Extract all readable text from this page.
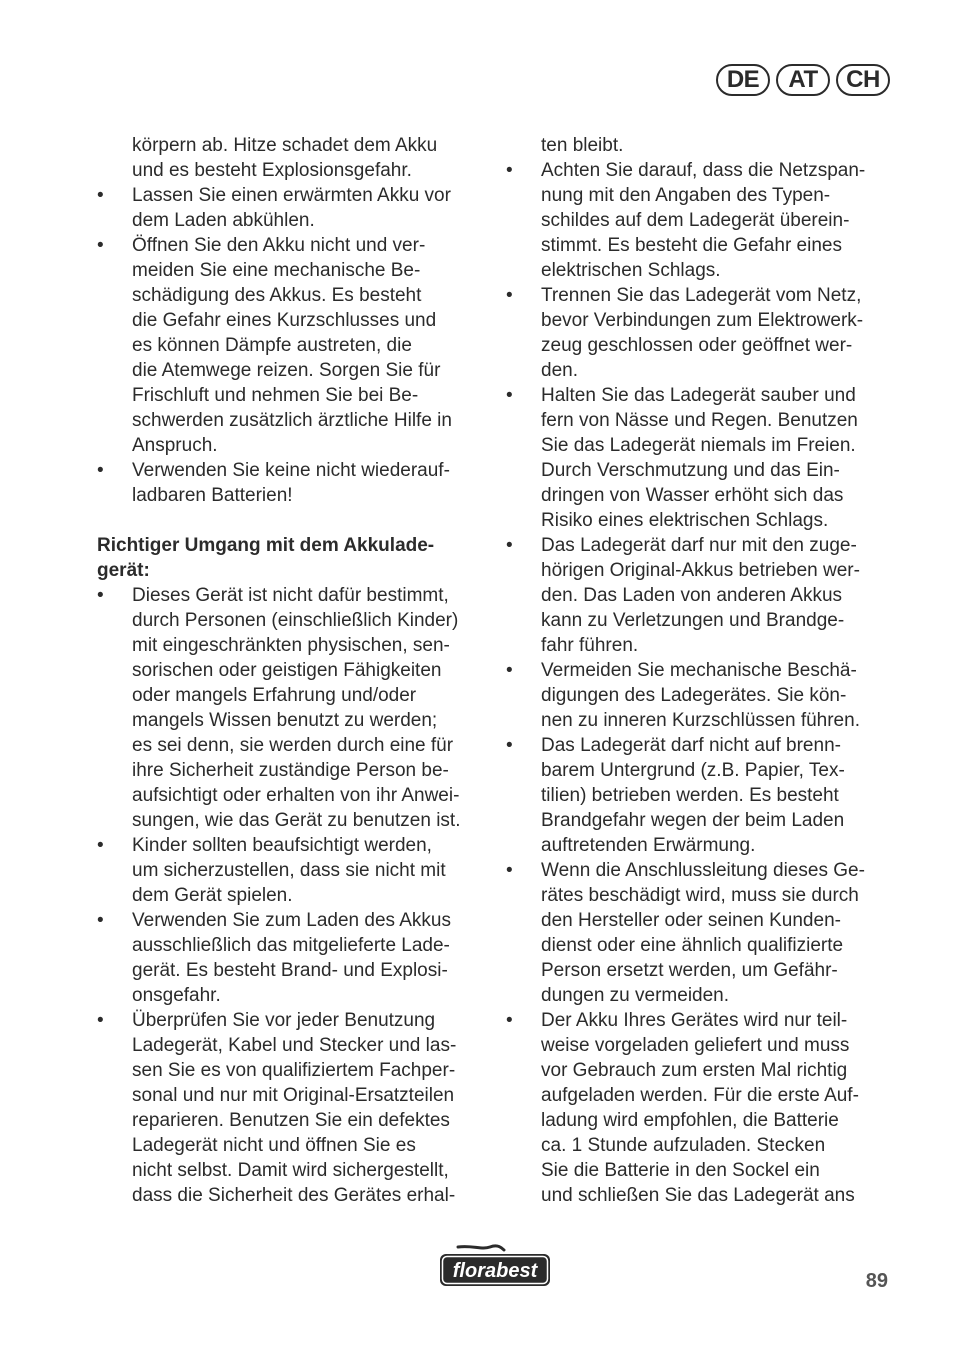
DE	AT	CH
körpern ab. Hitze schadet dem Akku
und es besteht Explosionsgefahr.
•	Lassen Sie einen erwärmten Akku vor
dem Laden abkühlen.
•	Öffnen Sie den Akku nicht und ver-
meiden Sie eine mechanische Be-
schädigung des Akkus. Es besteht
die Gefahr eines Kurzschlusses und
es können Dämpfe austreten, die
die Atemwege reizen. Sorgen Sie für
Frischluft und nehmen Sie bei Be-
schwerden zusätzlich ärztliche Hilfe in
Anspruch.
•	Verwenden Sie keine nicht wiederauf-
ladbaren Batterien!
Richtiger Umgang mit dem Akkulade-
gerät:
•	Dieses Gerät ist nicht dafür bestimmt,
durch Personen (einschließlich Kinder)
mit eingeschränkten physischen, sen-
sorischen oder geistigen Fähigkeiten
oder mangels Erfahrung und/oder
mangels Wissen benutzt zu werden;
es sei denn, sie werden durch eine für
ihre Sicherheit zuständige Person be-
aufsichtigt oder erhalten von ihr Anwei-
sungen, wie das Gerät zu benutzen ist.
•	Kinder sollten beaufsichtigt werden,
um sicherzustellen, dass sie nicht mit
dem Gerät spielen.
•	Verwenden Sie zum Laden des Akkus
ausschließlich das mitgelieferte Lade-
gerät. Es besteht Brand- und Explosi-
onsgefahr.
•	Überprüfen Sie vor jeder Benutzung
Ladegerät, Kabel und Stecker und las-
sen Sie es von qualifiziertem Fachper-
sonal und nur mit Original-Ersatzteilen
reparieren. Benutzen Sie ein defektes
Ladegerät nicht und öffnen Sie es
nicht selbst. Damit wird sichergestellt,
dass die Sicherheit des Gerätes erhal-
ten bleibt.
•	Achten Sie darauf, dass die Netzspan-
nung mit den Angaben des Typen-
schildes auf dem Ladegerät überein-
stimmt. Es besteht die Gefahr eines
elektrischen Schlags.
•	Trennen Sie das Ladegerät vom Netz,
bevor Verbindungen zum Elektrowerk-
zeug geschlossen oder geöffnet wer-
den.
•	Halten Sie das Ladegerät sauber und
fern von Nässe und Regen. Benutzen
Sie das Ladegerät niemals im Freien.
Durch Verschmutzung und das Ein-
dringen von Wasser erhöht sich das
Risiko eines elektrischen Schlags.
•	Das Ladegerät darf nur mit den zuge-
hörigen Original-Akkus betrieben wer-
den. Das Laden von anderen Akkus
kann zu Verletzungen und Brandge-
fahr führen.
•	Vermeiden Sie mechanische Beschä-
digungen des Ladegerätes. Sie kön-
nen zu inneren Kurzschlüssen führen.
•	Das Ladegerät darf nicht auf brenn-
barem Untergrund (z.B. Papier, Tex-
tilien) betrieben werden. Es besteht
Brandgefahr wegen der beim Laden
auftretenden Erwärmung.
•	Wenn die Anschlussleitung dieses Ge-
rätes beschädigt wird, muss sie durch
den Hersteller oder seinen Kunden-
dienst oder eine ähnlich qualifizierte
Person ersetzt werden, um Gefähr-
dungen zu vermeiden.
•	Der Akku Ihres Gerätes wird nur teil-
weise vorgeladen geliefert und muss
vor Gebrauch zum ersten Mal richtig
aufgeladen werden. Für die erste Auf-
ladung wird empfohlen, die Batterie
ca. 1 Stunde aufzuladen. Stecken
Sie die Batterie in den Sockel ein
und schließen Sie das Ladegerät ans
florabest	89
